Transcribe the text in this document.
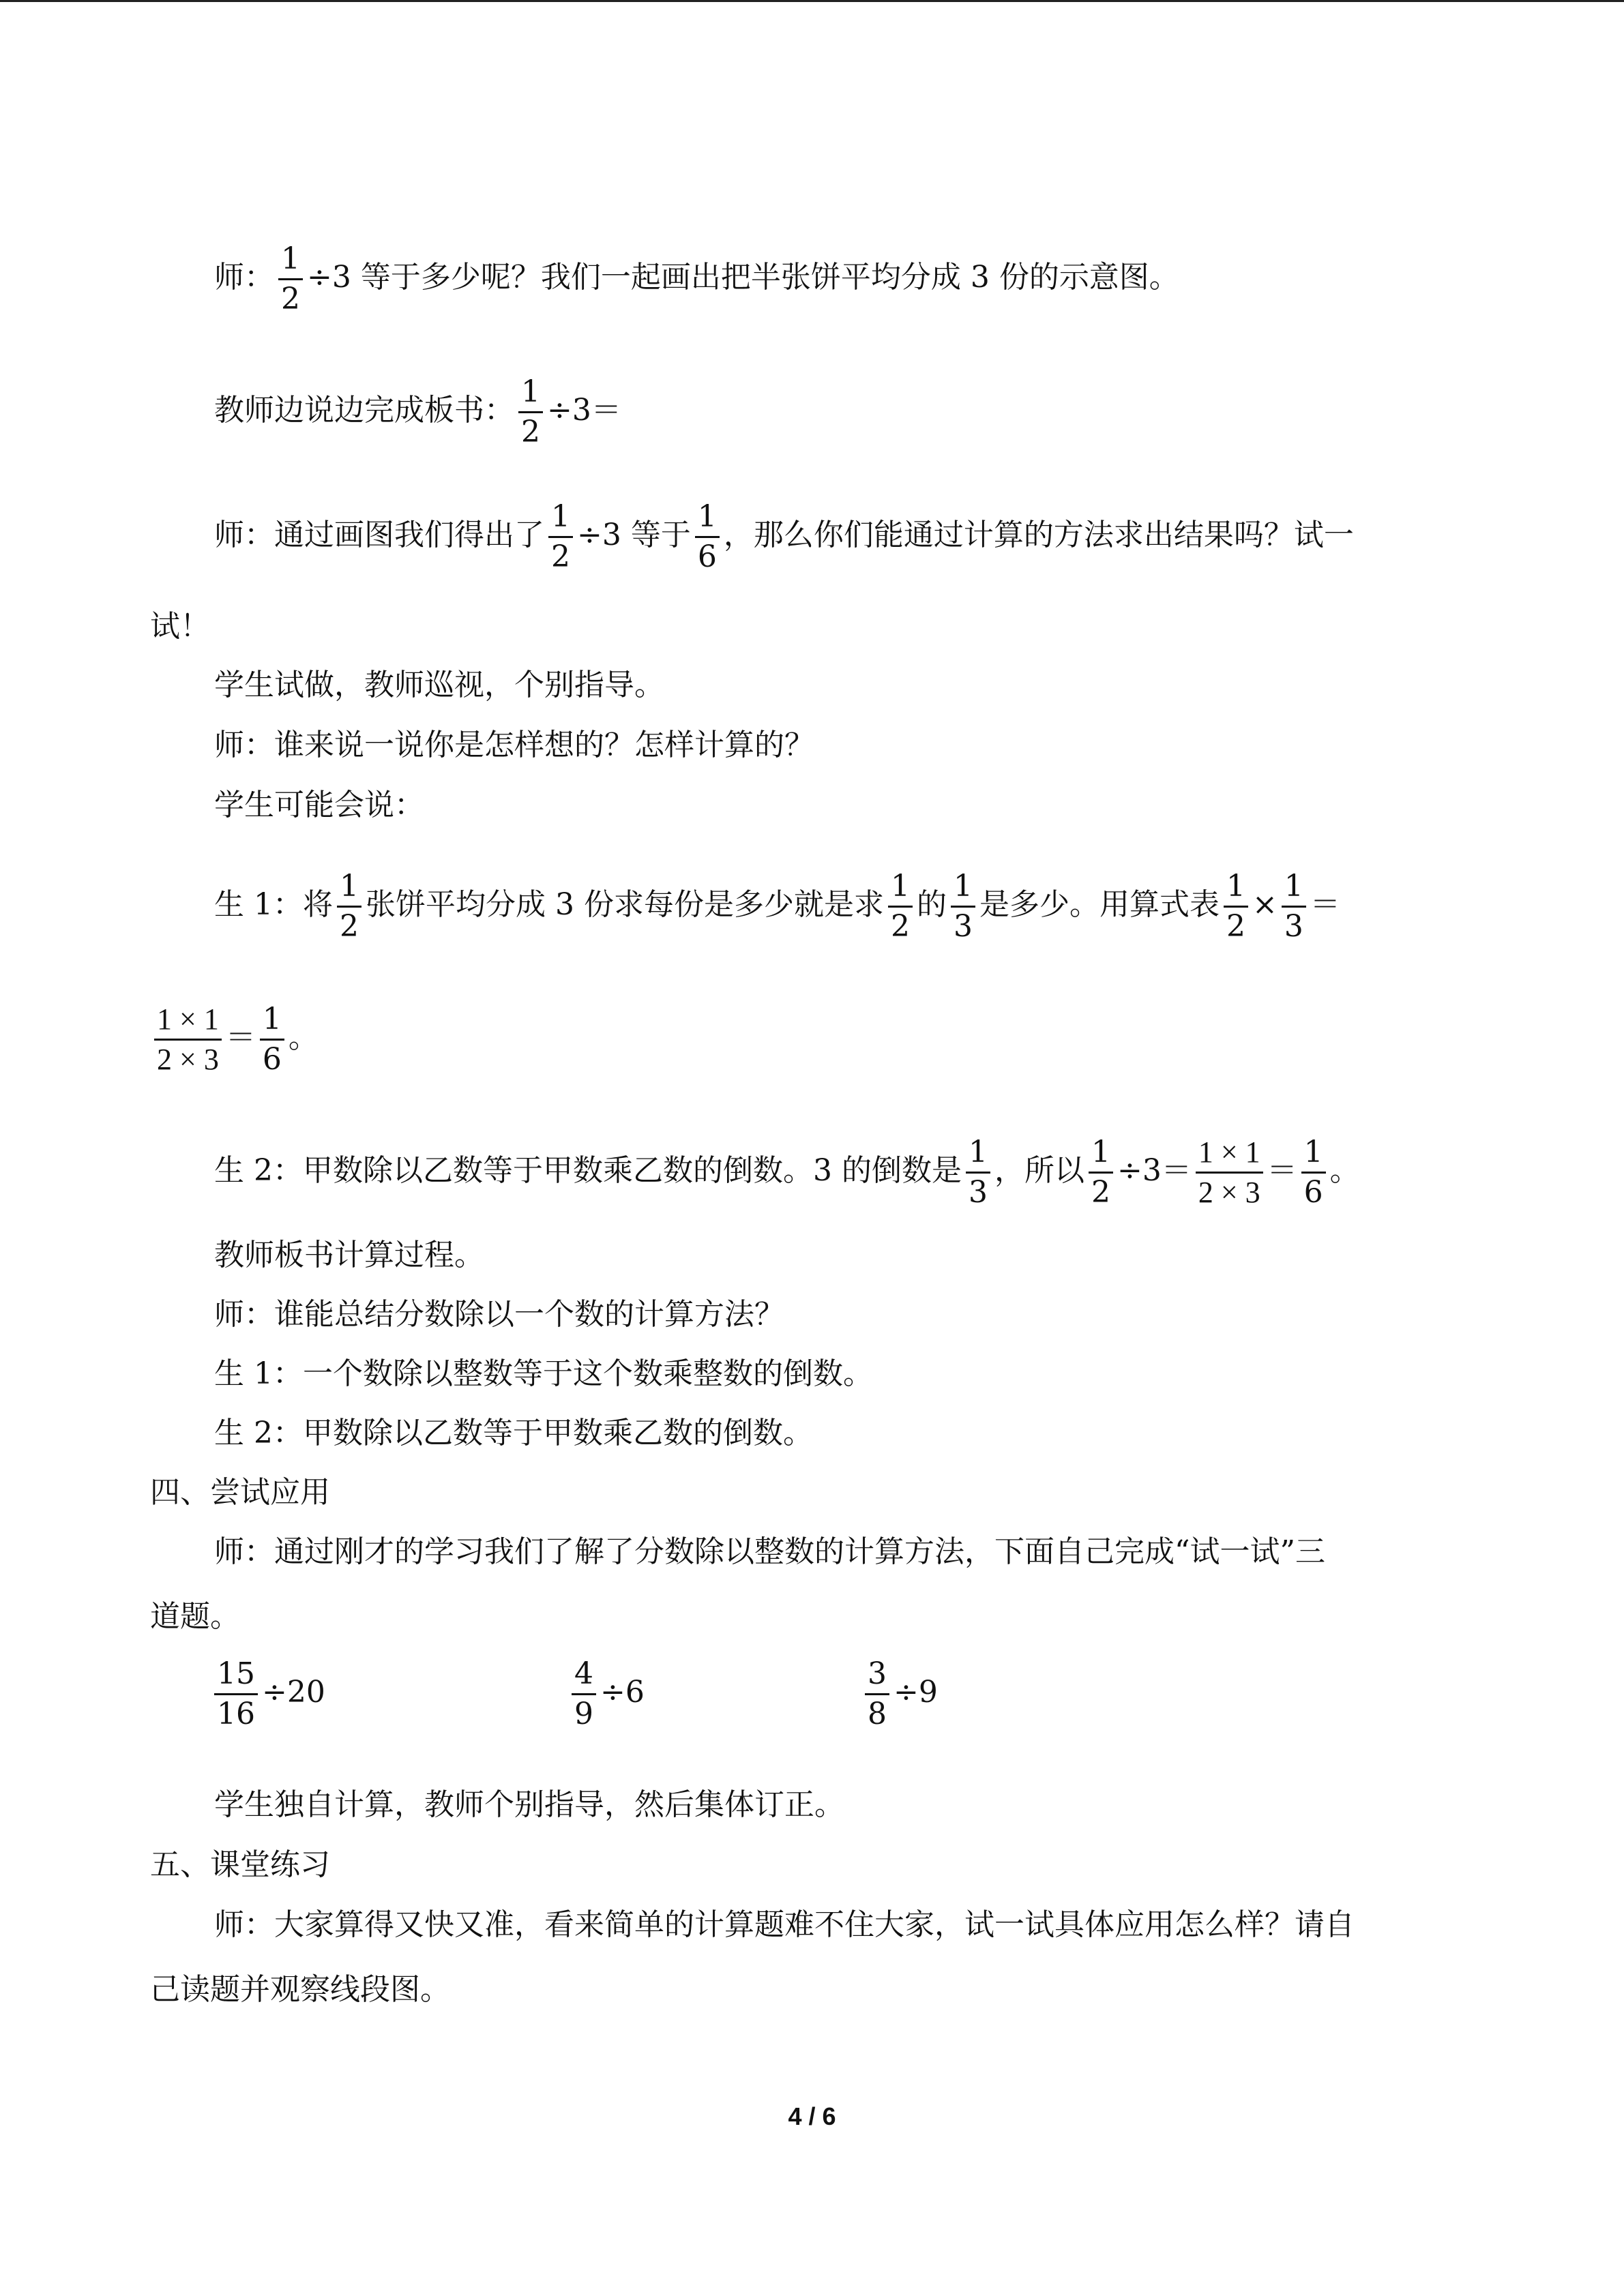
师： $\frac{1}{2} \div 3$ 等于多少呢？我们一起画出把半张饼平均分成 3 份的示意图。
教师边说边完成板书： $\frac{1}{2} \div 3=$
师：通过画图我们得出了 $\frac{1}{2} \div 3$ 等于 $\frac{1}{6}$ ，那么你们能通过计算的方法求出结果吗？试一
试！
学生试做，教师巡视，个别指导。
师：谁来说一说你是怎样想的？怎样计算的？
学生可能会说：
生 1：将 $\frac{1}{2}$ 张饼平均分成 3 份求每份是多少就是求 $\frac{1}{2}$ 的 $\frac{1}{3}$ 是多少。用算式表 $\frac{1}{2} \times \frac{1}{3}$ ＝
$\frac{1 \times 1}{2 \times 3} = \frac{1}{6}$ 。
生 2：甲数除以乙数等于甲数乘乙数的倒数。3 的倒数是 $\frac{1}{3}$ ，所以 $\frac{1}{2} \div 3= \frac{1 \times 1}{2 \times 3} = \frac{1}{6}$ 。
教师板书计算过程。
师：谁能总结分数除以一个数的计算方法？
生 1：一个数除以整数等于这个数乘整数的倒数。
生 2：甲数除以乙数等于甲数乘乙数的倒数。
四、尝试应用
师：通过刚才的学习我们了解了分数除以整数的计算方法，下面自己完成“试一试”三
道题。
$\frac{15}{16} \div 20$	$\frac{4}{9} \div 6$	$\frac{3}{8} \div 9$
学生独自计算，教师个别指导，然后集体订正。
五、课堂练习
师：大家算得又快又准，看来简单的计算题难不住大家，试一试具体应用怎么样？请自
己读题并观察线段图。
4 / 6
